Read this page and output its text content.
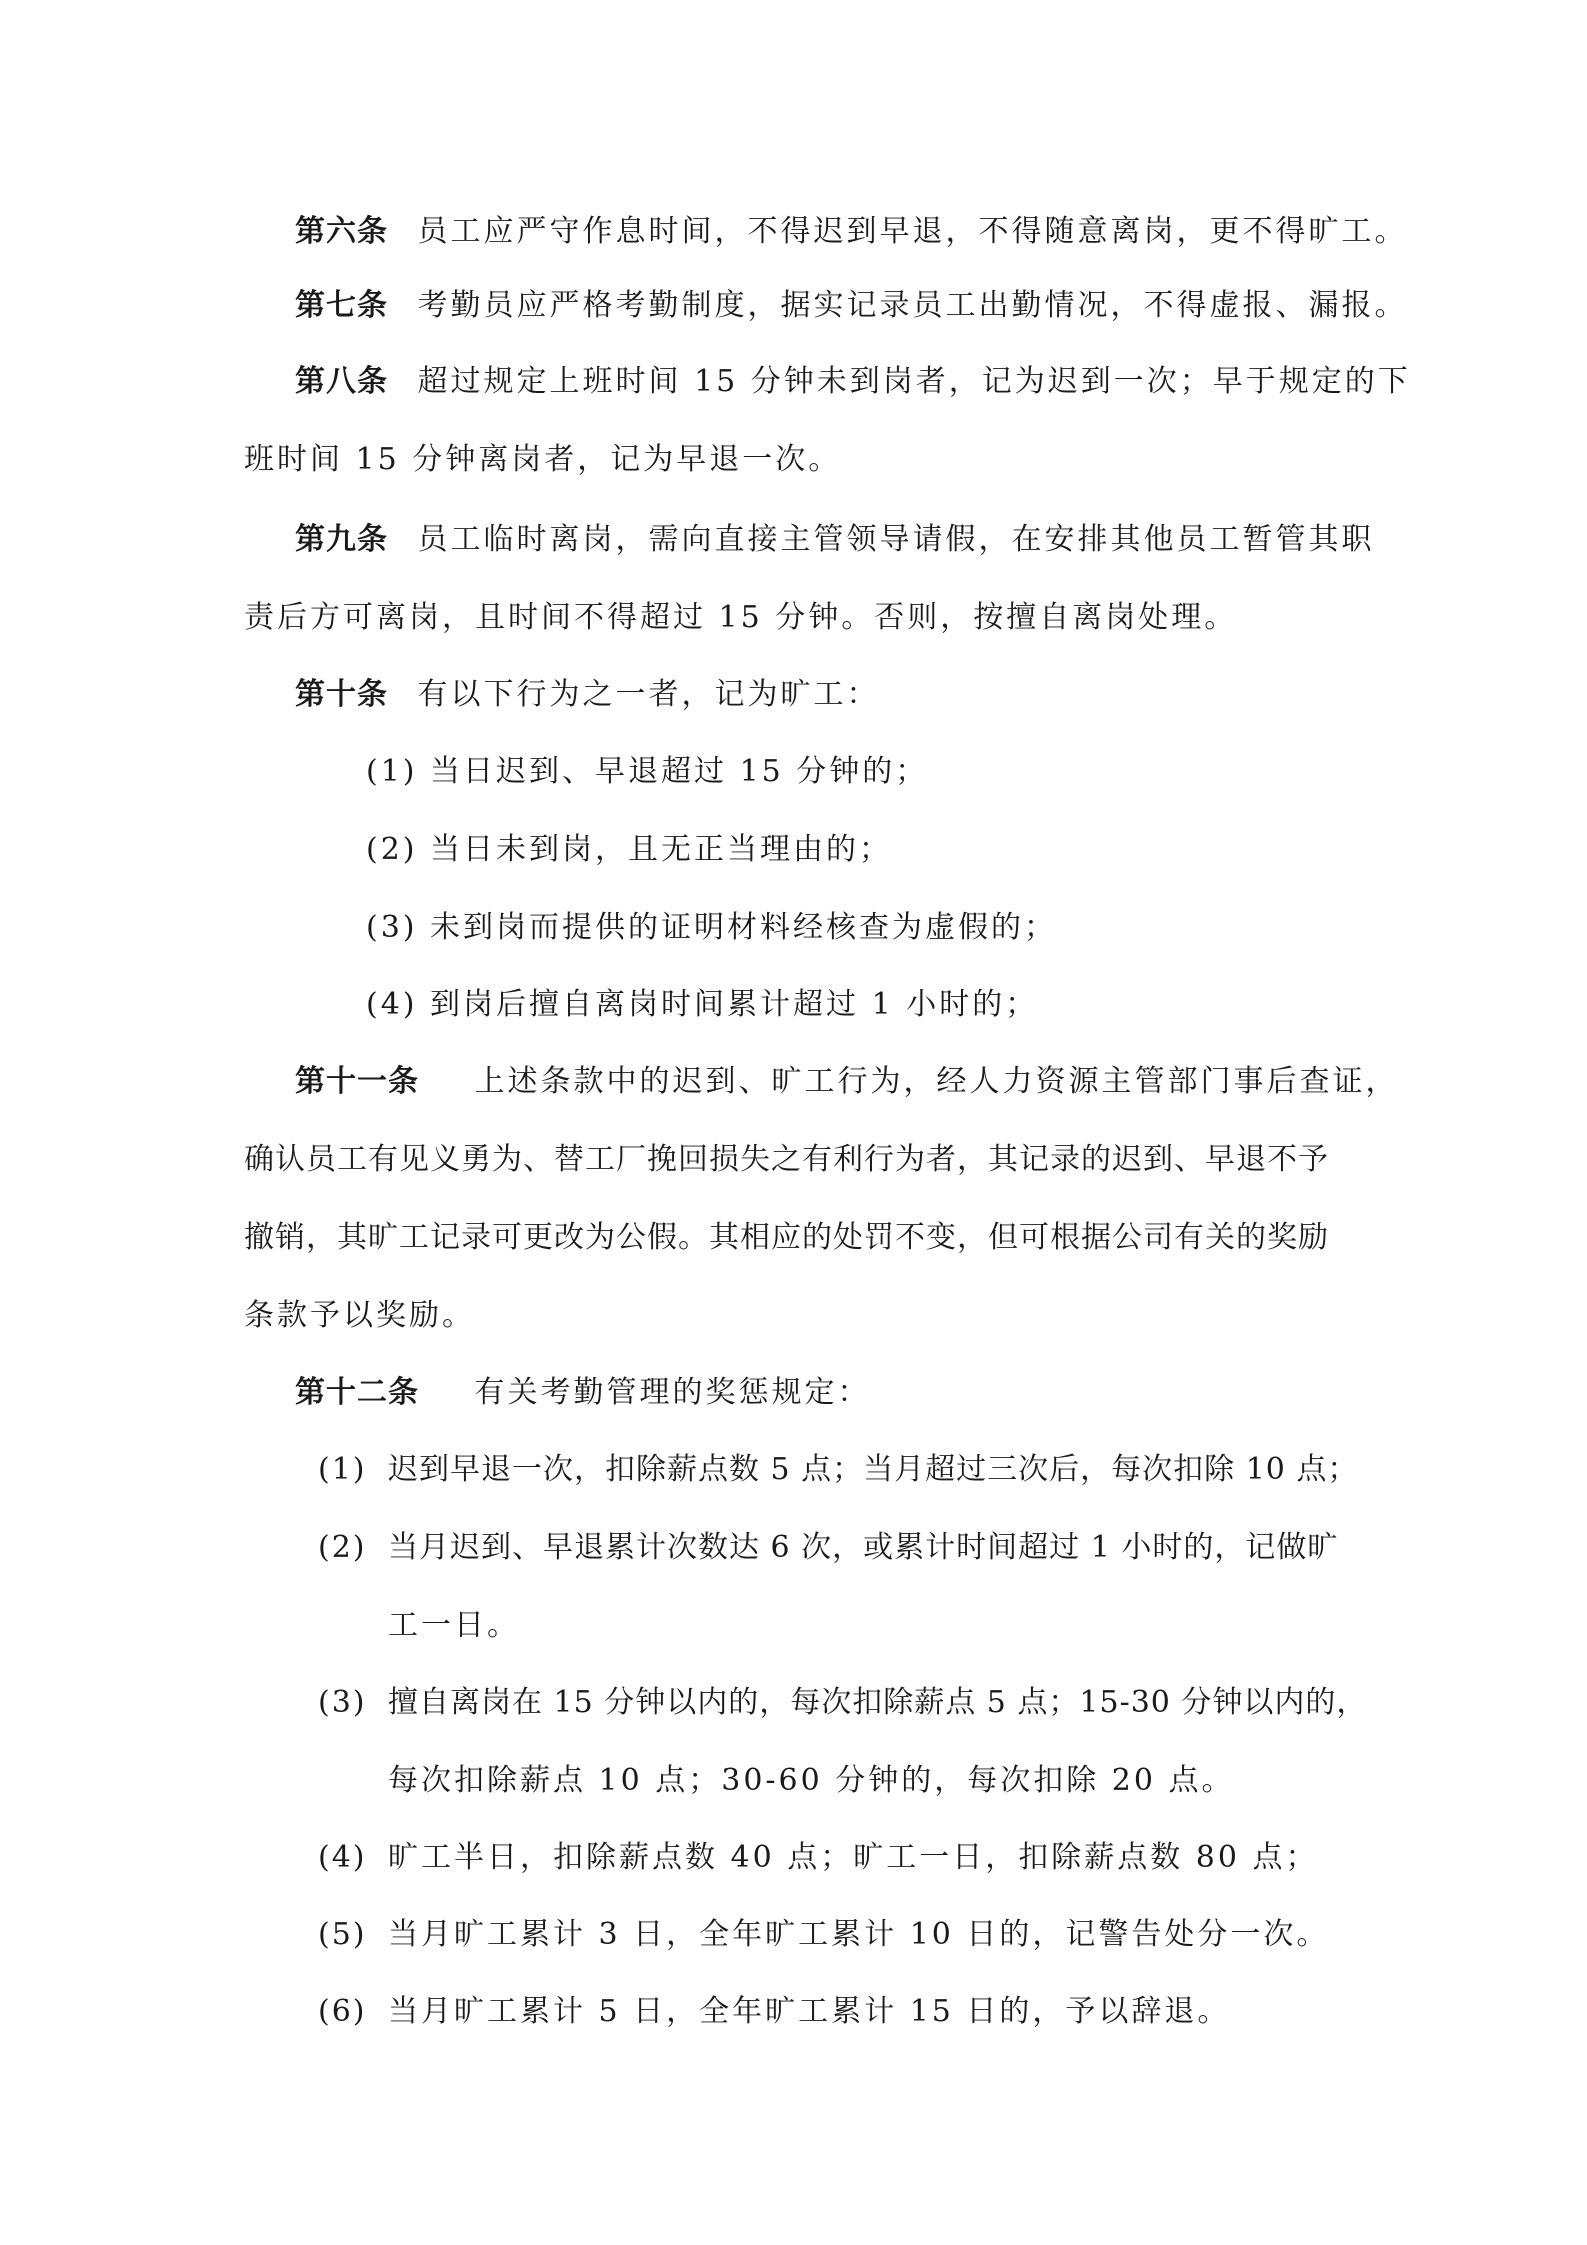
第六条 员工应严守作息时间，不得迟到早退，不得随意离岗，更不得旷工。
第七条 考勤员应严格考勤制度，据实记录员工出勤情况，不得虚报、漏报。
第八条 超过规定上班时间 15 分钟未到岗者，记为迟到一次；早于规定的下
班时间 15 分钟离岗者，记为早退一次。
第九条 员工临时离岗，需向直接主管领导请假，在安排其他员工暂管其职
责后方可离岗，且时间不得超过 15 分钟。否则，按擅自离岗处理。
第十条 有以下行为之一者，记为旷工：
(1) 当日迟到、早退超过 15 分钟的；
(2) 当日未到岗，且无正当理由的；
(3) 未到岗而提供的证明材料经核查为虚假的；
(4) 到岗后擅自离岗时间累计超过 1 小时的；
第十一条 上述条款中的迟到、旷工行为，经人力资源主管部门事后查证，
确认员工有见义勇为、替工厂挽回损失之有利行为者，其记录的迟到、早退不予
撤销，其旷工记录可更改为公假。其相应的处罚不变，但可根据公司有关的奖励
条款予以奖励。
第十二条 有关考勤管理的奖惩规定：
(1) 迟到早退一次，扣除薪点数 5 点；当月超过三次后，每次扣除 10 点；
(2) 当月迟到、早退累计次数达 6 次，或累计时间超过 1 小时的，记做旷
工一日。
(3) 擅自离岗在 15 分钟以内的，每次扣除薪点 5 点；15-30 分钟以内的，
每次扣除薪点 10 点；30-60 分钟的，每次扣除 20 点。
(4) 旷工半日，扣除薪点数 40 点；旷工一日，扣除薪点数 80 点；
(5) 当月旷工累计 3 日，全年旷工累计 10 日的，记警告处分一次。
(6) 当月旷工累计 5 日，全年旷工累计 15 日的，予以辞退。
